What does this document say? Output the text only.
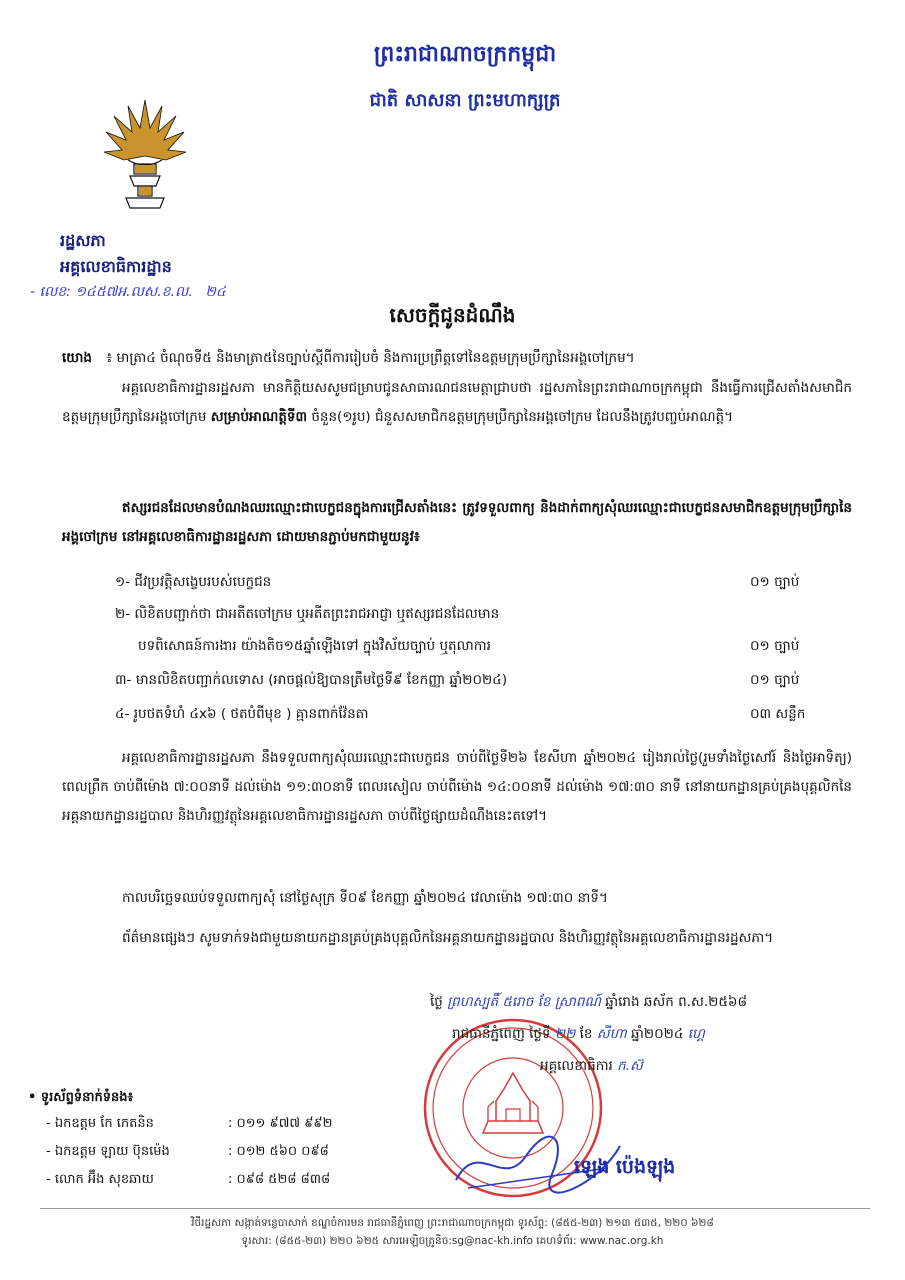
ព្រះរាជាណាចក្រកម្ពុជា
ជាតិ សាសនា ព្រះមហាក្សត្រ
រដ្ឋសភា
អគ្គលេខាធិការដ្ឋាន
- លេខ: ១៤៥៧អ.លស.ខ.ល. ២៤
សេចក្ដីជូនដំណឹង
យោង ៖ មាត្រា៤ ចំណុចទី៥ និងមាត្រា៥នៃច្បាប់ស្ដីពីការរៀបចំ និងការប្រព្រឹត្តទៅនៃឧត្ដមក្រុមប្រឹក្សានៃអង្គចៅក្រម។
អគ្គលេខាធិការដ្ឋានរដ្ឋសភា មានកិត្តិយសសូមជម្រាបជូនសាធារណជនមេត្តាជ្រាបថា រដ្ឋសភានៃព្រះរាជាណាចក្រកម្ពុជា នឹងធ្វើការជ្រើសតាំងសមាជិកឧត្ដមក្រុមប្រឹក្សានៃអង្គចៅក្រម សម្រាប់អាណត្តិទី៣ ចំនួន(១រូប) ជំនួសសមាជិកឧត្ដមក្រុមប្រឹក្សានៃអង្គចៅក្រម ដែលនឹងត្រូវបញ្ចប់អាណត្តិ។
ឥស្សរជនដែលមានបំណងឈរឈ្មោះជាបេក្ខជនក្នុងការជ្រើសតាំងនេះ ត្រូវទទួលពាក្យ និងដាក់ពាក្យសុំឈរឈ្មោះជាបេក្ខជនសមាជិកឧត្ដមក្រុមប្រឹក្សានៃអង្គចៅក្រម នៅអគ្គលេខាធិការដ្ឋានរដ្ឋសភា ដោយមានភ្ជាប់មកជាមួយនូវ៖
១- ជីវប្រវត្តិសង្ខេបរបស់បេក្ខជន	០១ ច្បាប់
២- លិខិតបញ្ជាក់ថា ជាអតីតចៅក្រម ឬអតីតព្រះរាជអាជ្ញា ឬឥស្សរជនដែលមាន
បទពិសោធន៍ការងារ យ៉ាងតិច១៥ឆ្នាំឡើងទៅ ក្នុងវិស័យច្បាប់ ឬតុលាការ	០១ ច្បាប់
៣- មានលិខិតបញ្ជាក់លទោស (អាចផ្ដល់ឱ្យបានត្រឹមថ្ងៃទី៩ ខែកញ្ញា ឆ្នាំ២០២៤)	០១ ច្បាប់
៤- រូបថតទំហំ ៤x៦ ( ថតបំពីមុខ ) គ្មានពាក់វ៉ែនតា	០៣ សន្លឹក
អគ្គលេខាធិការដ្ឋានរដ្ឋសភា នឹងទទួលពាក្យសុំឈរឈ្មោះជាបេក្ខជន ចាប់ពីថ្ងៃទី២៦ ខែសីហា ឆ្នាំ២០២៤ រៀងរាល់ថ្ងៃ(រួមទាំងថ្ងៃសៅរ៍ និងថ្ងៃអាទិត្យ) ពេលព្រឹក ចាប់ពីម៉ោង ៧:០០នាទី ដល់ម៉ោង ១១:៣០នាទី ពេលរសៀល ចាប់ពីម៉ោង ១៤:០០នាទី ដល់ម៉ោង ១៧:៣០ នាទី នៅនាយកដ្ឋានគ្រប់គ្រងបុគ្គលិកនៃអគ្គនាយកដ្ឋានរដ្ឋបាល និងហិរញ្ញវត្ថុនៃអគ្គលេខាធិការដ្ឋានរដ្ឋសភា ចាប់ពីថ្ងៃផ្សាយដំណឹងនេះតទៅ។
កាលបរិច្ឆេទឈប់ទទួលពាក្យសុំ នៅថ្ងៃសុក្រ ទី០៩ ខែកញ្ញា ឆ្នាំ២០២៤ វេលាម៉ោង ១៧:៣០ នាទី។
ព័ត៌មានផ្សេងៗ សូមទាក់ទងជាមួយនាយកដ្ឋានគ្រប់គ្រងបុគ្គលិកនៃអគ្គនាយកដ្ឋានរដ្ឋបាល និងហិរញ្ញវត្ថុនៃអគ្គលេខាធិការដ្ឋានរដ្ឋសភា។
ថ្ងៃ ព្រហស្បតិ៍ ៥រោច ខែ ស្រាពណ៍ ឆ្នាំរោង ឆស័ក ព.ស.២៥៦៨
រាជធានីភ្នំពេញ ថ្ងៃទី ២២ ខែ សីហា ឆ្នាំ២០២៤ ហ្គេ
អគ្គលេខាធិការ ក.ស៊
ឡេង ប៉េងឡុង
• ទូរស័ព្ទទំនាក់ទំនង៖
- ឯកឧត្ដម កែ កេតនិន	: ០១១ ៩៧៧ ៩៩២
- ឯកឧត្ដម ឡាយ ប៊ុនម៉េង	: ០១២ ៥៦០ ០៩៨
- លោក អ៊ឹង សុខឆាយ	: ០៩៨ ៥២៨ ៨៣៨
វិថីរដ្ឋសភា សង្កាត់ទន្លេបាសាក់ ខណ្ឌចំការមន រាជធានីភ្នំពេញ ព្រះរាជាណាចក្រកម្ពុជា ទូរស័ព្ទ: (៨៥៥-២៣) ២១៣ ៥៣៥, ២២០ ៦២៨
ទូរសារ: (៨៥៥-២៣) ២២០ ៦២៥ សារអេឡិចត្រូនិច:sg@nac-kh.info គេហទំព័រ: www.nac.org.kh
